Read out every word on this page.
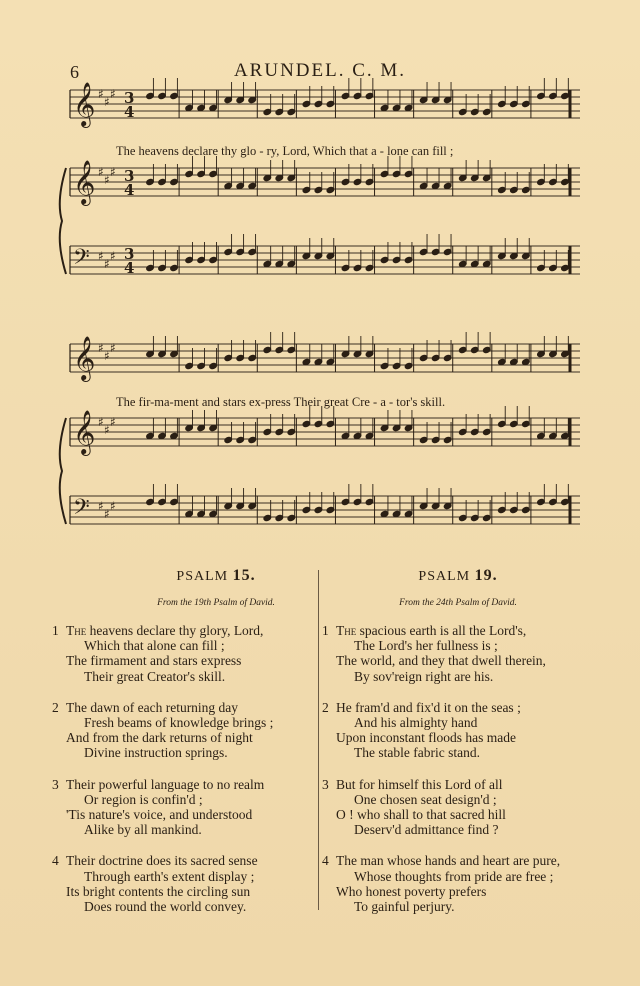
6	ARUNDEL. C. M.
𝄞 ♯
♯
♯ 3
4
𝄞 ♯
♯
♯ 3
4
𝄢 ♯
♯
♯ 3
4
𝄞 ♯
♯
♯
𝄞 ♯
♯
♯
𝄢 ♯
♯
♯
The heavens declare thy glo - ry, Lord, Which that a - lone can fill ;
The fir-ma-ment and stars ex-press Their great Cre - a - tor's skill.
PSALM 15.
From the 19th Psalm of David.
PSALM 19.
From the 24th Psalm of David.
1 The heavens declare thy glory, Lord,
Which that alone can fill ;
The firmament and stars express
Their great Creator's skill.
2 The dawn of each returning day
Fresh beams of knowledge brings ;
And from the dark returns of night
Divine instruction springs.
3 Their powerful language to no realm
Or region is confin'd ;
'Tis nature's voice, and understood
Alike by all mankind.
4 Their doctrine does its sacred sense
Through earth's extent display ;
Its bright contents the circling sun
Does round the world convey.
1 The spacious earth is all the Lord's,
The Lord's her fullness is ;
The world, and they that dwell therein,
By sov'reign right are his.
2 He fram'd and fix'd it on the seas ;
And his almighty hand
Upon inconstant floods has made
The stable fabric stand.
3 But for himself this Lord of all
One chosen seat design'd ;
O ! who shall to that sacred hill
Deserv'd admittance find ?
4 The man whose hands and heart are pure,
Whose thoughts from pride are free ;
Who honest poverty prefers
To gainful perjury.
